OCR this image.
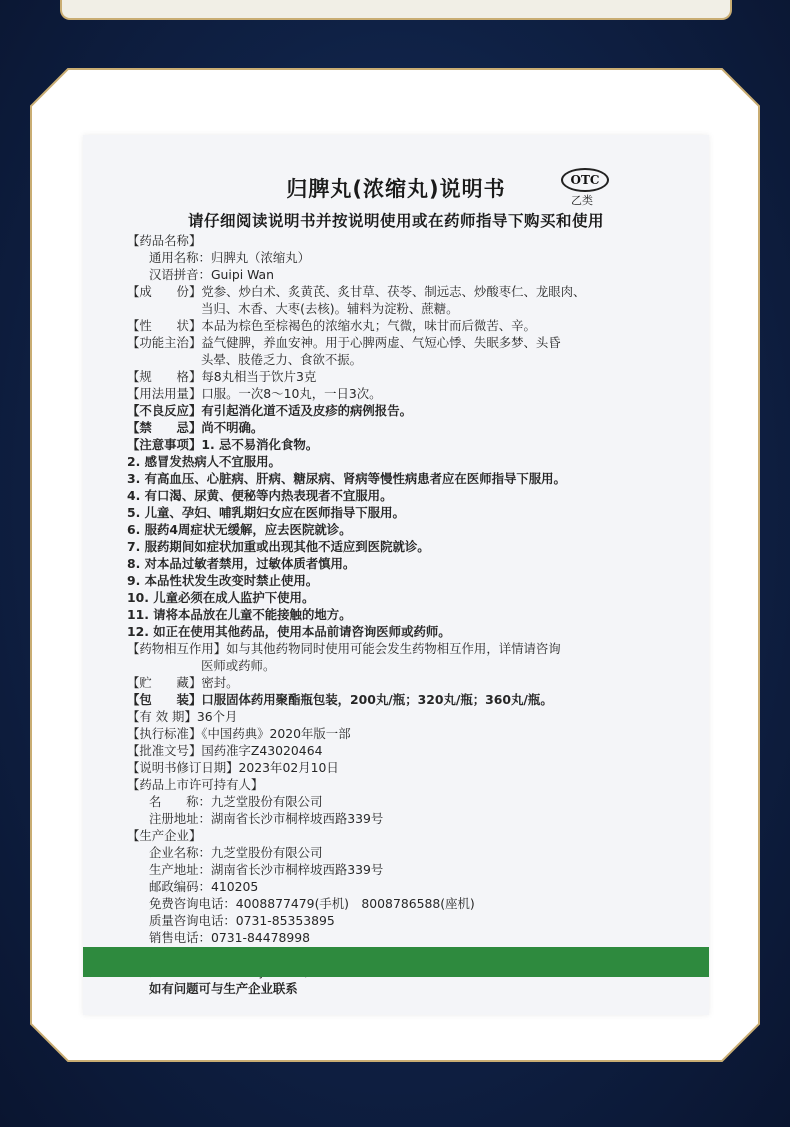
归脾丸(浓缩丸)说明书	OTC
乙类
请仔细阅读说明书并按说明使用或在药师指导下购买和使用
【药品名称】
通用名称：归脾丸（浓缩丸）
汉语拼音：Guipi Wan
【成　　份】党参、炒白术、炙黄芪、炙甘草、茯苓、制远志、炒酸枣仁、龙眼肉、
当归、木香、大枣(去核)。辅料为淀粉、蔗糖。
【性　　状】本品为棕色至棕褐色的浓缩水丸；气微，味甘而后微苦、辛。
【功能主治】益气健脾，养血安神。用于心脾两虚、气短心悸、失眠多梦、头昏
头晕、肢倦乏力、食欲不振。
【规　　格】每8丸相当于饮片3克
【用法用量】口服。一次8～10丸，一日3次。
【不良反应】有引起消化道不适及皮疹的病例报告。
【禁　　忌】尚不明确。
【注意事项】1. 忌不易消化食物。
2. 感冒发热病人不宜服用。
3. 有高血压、心脏病、肝病、糖尿病、肾病等慢性病患者应在医师指导下服用。
4. 有口渴、尿黄、便秘等内热表现者不宜服用。
5. 儿童、孕妇、哺乳期妇女应在医师指导下服用。
6. 服药4周症状无缓解，应去医院就诊。
7. 服药期间如症状加重或出现其他不适应到医院就诊。
8. 对本品过敏者禁用，过敏体质者慎用。
9. 本品性状发生改变时禁止使用。
10. 儿童必须在成人监护下使用。
11. 请将本品放在儿童不能接触的地方。
12. 如正在使用其他药品，使用本品前请咨询医师或药师。
【药物相互作用】如与其他药物同时使用可能会发生药物相互作用，详情请咨询
医师或药师。
【贮　　藏】密封。
【包　　装】口服固体药用聚酯瓶包装，200丸/瓶；320丸/瓶；360丸/瓶。
【有 效 期】36个月
【执行标准】《中国药典》2020年版一部
【批准文号】国药准字Z43020464
【说明书修订日期】2023年02月10日
【药品上市许可持有人】
名　　称：九芝堂股份有限公司
注册地址：湖南省长沙市桐梓坡西路339号
【生产企业】
企业名称：九芝堂股份有限公司
生产地址：湖南省长沙市桐梓坡西路339号
邮政编码：410205
免费咨询电话：4008877479(手机)　8008786588(座机)
质量咨询电话：0731-85353895
销售电话：0731-84478998
如有问题可与生产企业联系
